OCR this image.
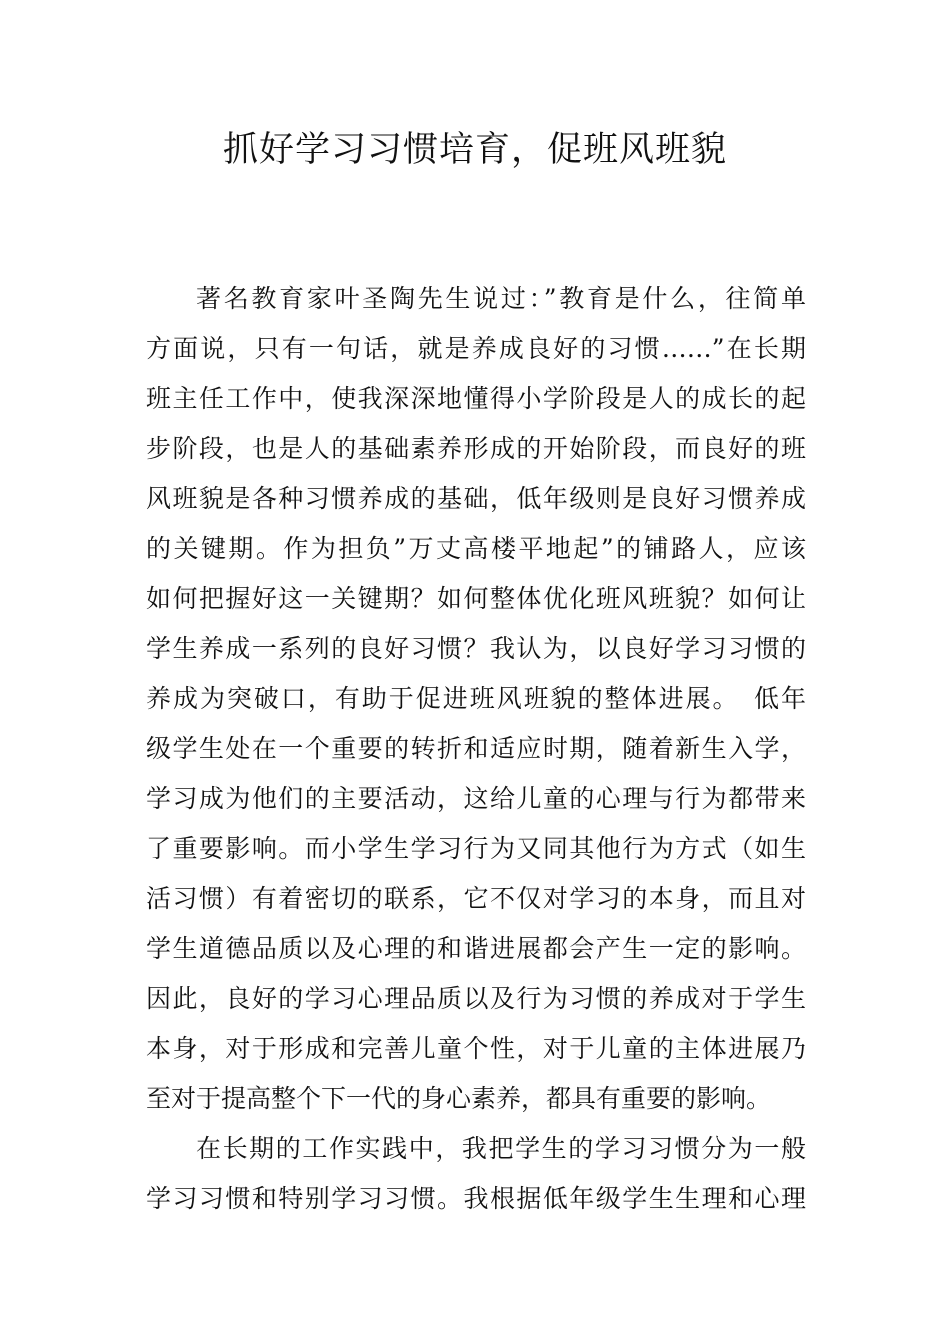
抓好学习习惯培育，促班风班貌
著名教育家叶圣陶先生说过：”教育是什么，往简单
方面说，只有一句话，就是养成良好的习惯……”在长期
班主任工作中，使我深深地懂得小学阶段是人的成长的起
步阶段，也是人的基础素养形成的开始阶段，而良好的班
风班貌是各种习惯养成的基础，低年级则是良好习惯养成
的关键期。作为担负”万丈高楼平地起”的铺路人，应该
如何把握好这一关键期？如何整体优化班风班貌？如何让
学生养成一系列的良好习惯？我认为，以良好学习习惯的
养成为突破口，有助于促进班风班貌的整体进展。　低年
级学生处在一个重要的转折和适应时期，随着新生入学，
学习成为他们的主要活动，这给儿童的心理与行为都带来
了重要影响。而小学生学习行为又同其他行为方式（如生
活习惯）有着密切的联系，它不仅对学习的本身，而且对
学生道德品质以及心理的和谐进展都会产生一定的影响。
因此，良好的学习心理品质以及行为习惯的养成对于学生
本身，对于形成和完善儿童个性，对于儿童的主体进展乃
至对于提高整个下一代的身心素养，都具有重要的影响。
在长期的工作实践中，我把学生的学习习惯分为一般
学习习惯和特别学习习惯。我根据低年级学生生理和心理
